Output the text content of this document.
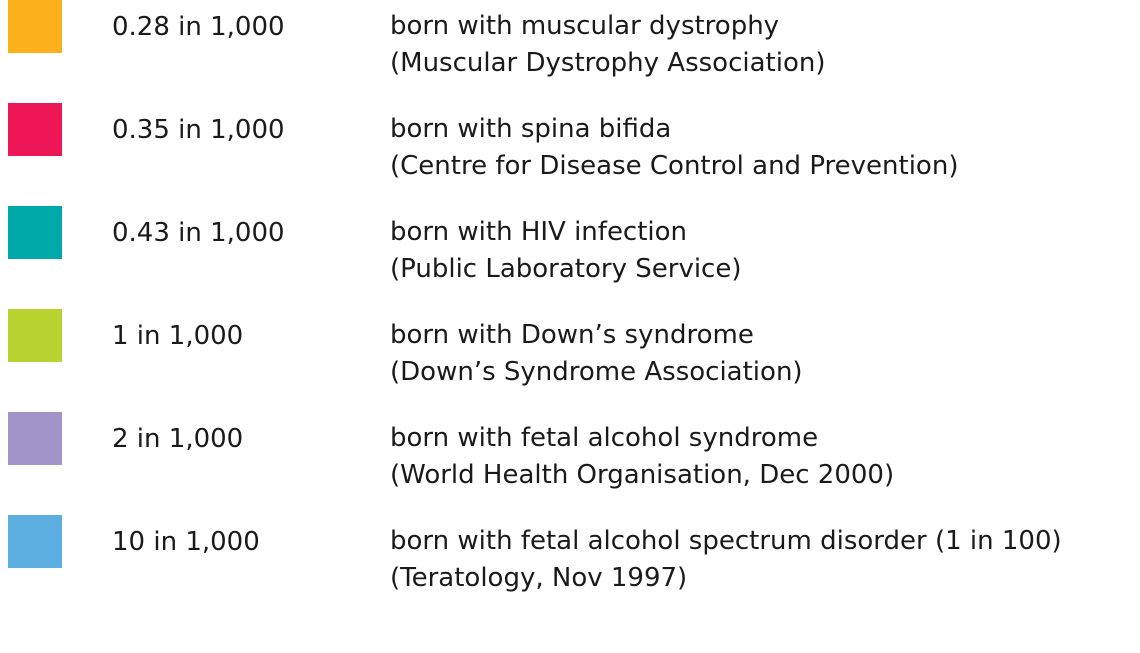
0.28 in 1,000	born with muscular dystrophy
(Muscular Dystrophy Association)
0.35 in 1,000	born with spina bifida
(Centre for Disease Control and Prevention)
0.43 in 1,000	born with HIV infection
(Public Laboratory Service)
1 in 1,000	born with Down’s syndrome
(Down’s Syndrome Association)
2 in 1,000	born with fetal alcohol syndrome
(World Health Organisation, Dec 2000)
10 in 1,000	born with fetal alcohol spectrum disorder (1 in 100)
(Teratology, Nov 1997)
